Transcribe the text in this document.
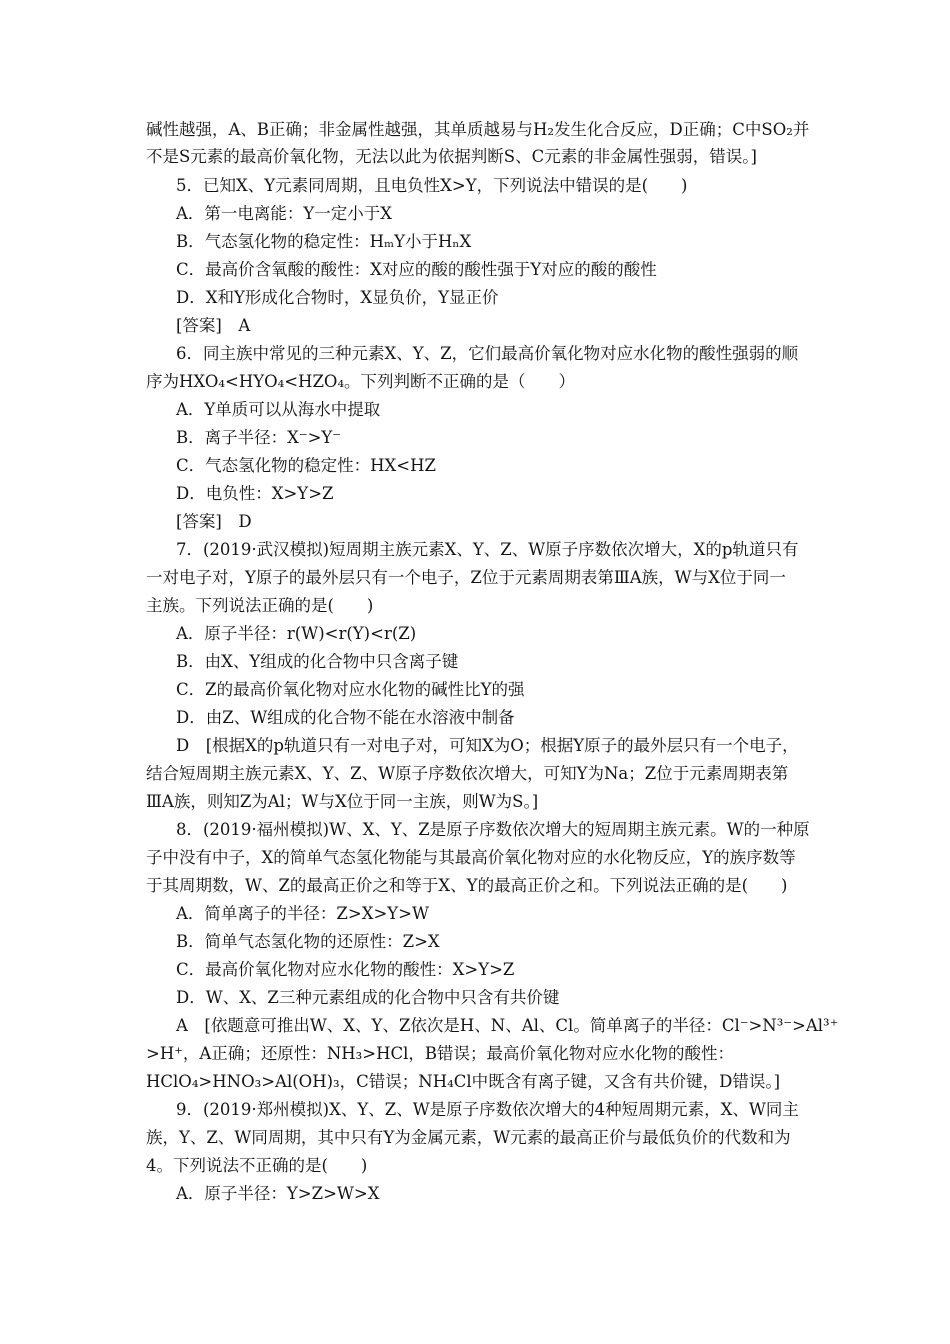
碱性越强，A、B正确；非金属性越强，其单质越易与H₂发生化合反应，D正确；C中SO₂并
不是S元素的最高价氧化物，无法以此为依据判断S、C元素的非金属性强弱，错误。]
5．已知X、Y元素同周期，且电负性X>Y，下列说法中错误的是(　　)
A．第一电离能：Y一定小于X
B．气态氢化物的稳定性：HₘY小于HₙX
C．最高价含氧酸的酸性：X对应的酸的酸性强于Y对应的酸的酸性
D．X和Y形成化合物时，X显负价，Y显正价
[答案]　A
6．同主族中常见的三种元素X、Y、Z，它们最高价氧化物对应水化物的酸性强弱的顺
序为HXO₄<HYO₄<HZO₄。下列判断不正确的是（　　）
A．Y单质可以从海水中提取
B．离子半径：X⁻>Y⁻
C．气态氢化物的稳定性：HX<HZ
D．电负性：X>Y>Z
[答案]　D
7．(2019·武汉模拟)短周期主族元素X、Y、Z、W原子序数依次增大，X的p轨道只有
一对电子对，Y原子的最外层只有一个电子，Z位于元素周期表第ⅢA族，W与X位于同一
主族。下列说法正确的是(　　)
A．原子半径：r(W)<r(Y)<r(Z)
B．由X、Y组成的化合物中只含离子键
C．Z的最高价氧化物对应水化物的碱性比Y的强
D．由Z、W组成的化合物不能在水溶液中制备
D　[根据X的p轨道只有一对电子对，可知X为O；根据Y原子的最外层只有一个电子，
结合短周期主族元素X、Y、Z、W原子序数依次增大，可知Y为Na；Z位于元素周期表第
ⅢA族，则知Z为Al；W与X位于同一主族，则W为S。]
8．(2019·福州模拟)W、X、Y、Z是原子序数依次增大的短周期主族元素。W的一种原
子中没有中子，X的简单气态氢化物能与其最高价氧化物对应的水化物反应，Y的族序数等
于其周期数，W、Z的最高正价之和等于X、Y的最高正价之和。下列说法正确的是(　　)
A．简单离子的半径：Z>X>Y>W
B．简单气态氢化物的还原性：Z>X
C．最高价氧化物对应水化物的酸性：X>Y>Z
D．W、X、Z三种元素组成的化合物中只含有共价键
A　[依题意可推出W、X、Y、Z依次是H、N、Al、Cl。简单离子的半径：Cl⁻>N³⁻>Al³⁺
>H⁺，A正确；还原性：NH₃>HCl，B错误；最高价氧化物对应水化物的酸性：
HClO₄>HNO₃>Al(OH)₃，C错误；NH₄Cl中既含有离子键，又含有共价键，D错误。]
9．(2019·郑州模拟)X、Y、Z、W是原子序数依次增大的4种短周期元素，X、W同主
族，Y、Z、W同周期，其中只有Y为金属元素，W元素的最高正价与最低负价的代数和为
4。下列说法不正确的是(　　)
A．原子半径：Y>Z>W>X
